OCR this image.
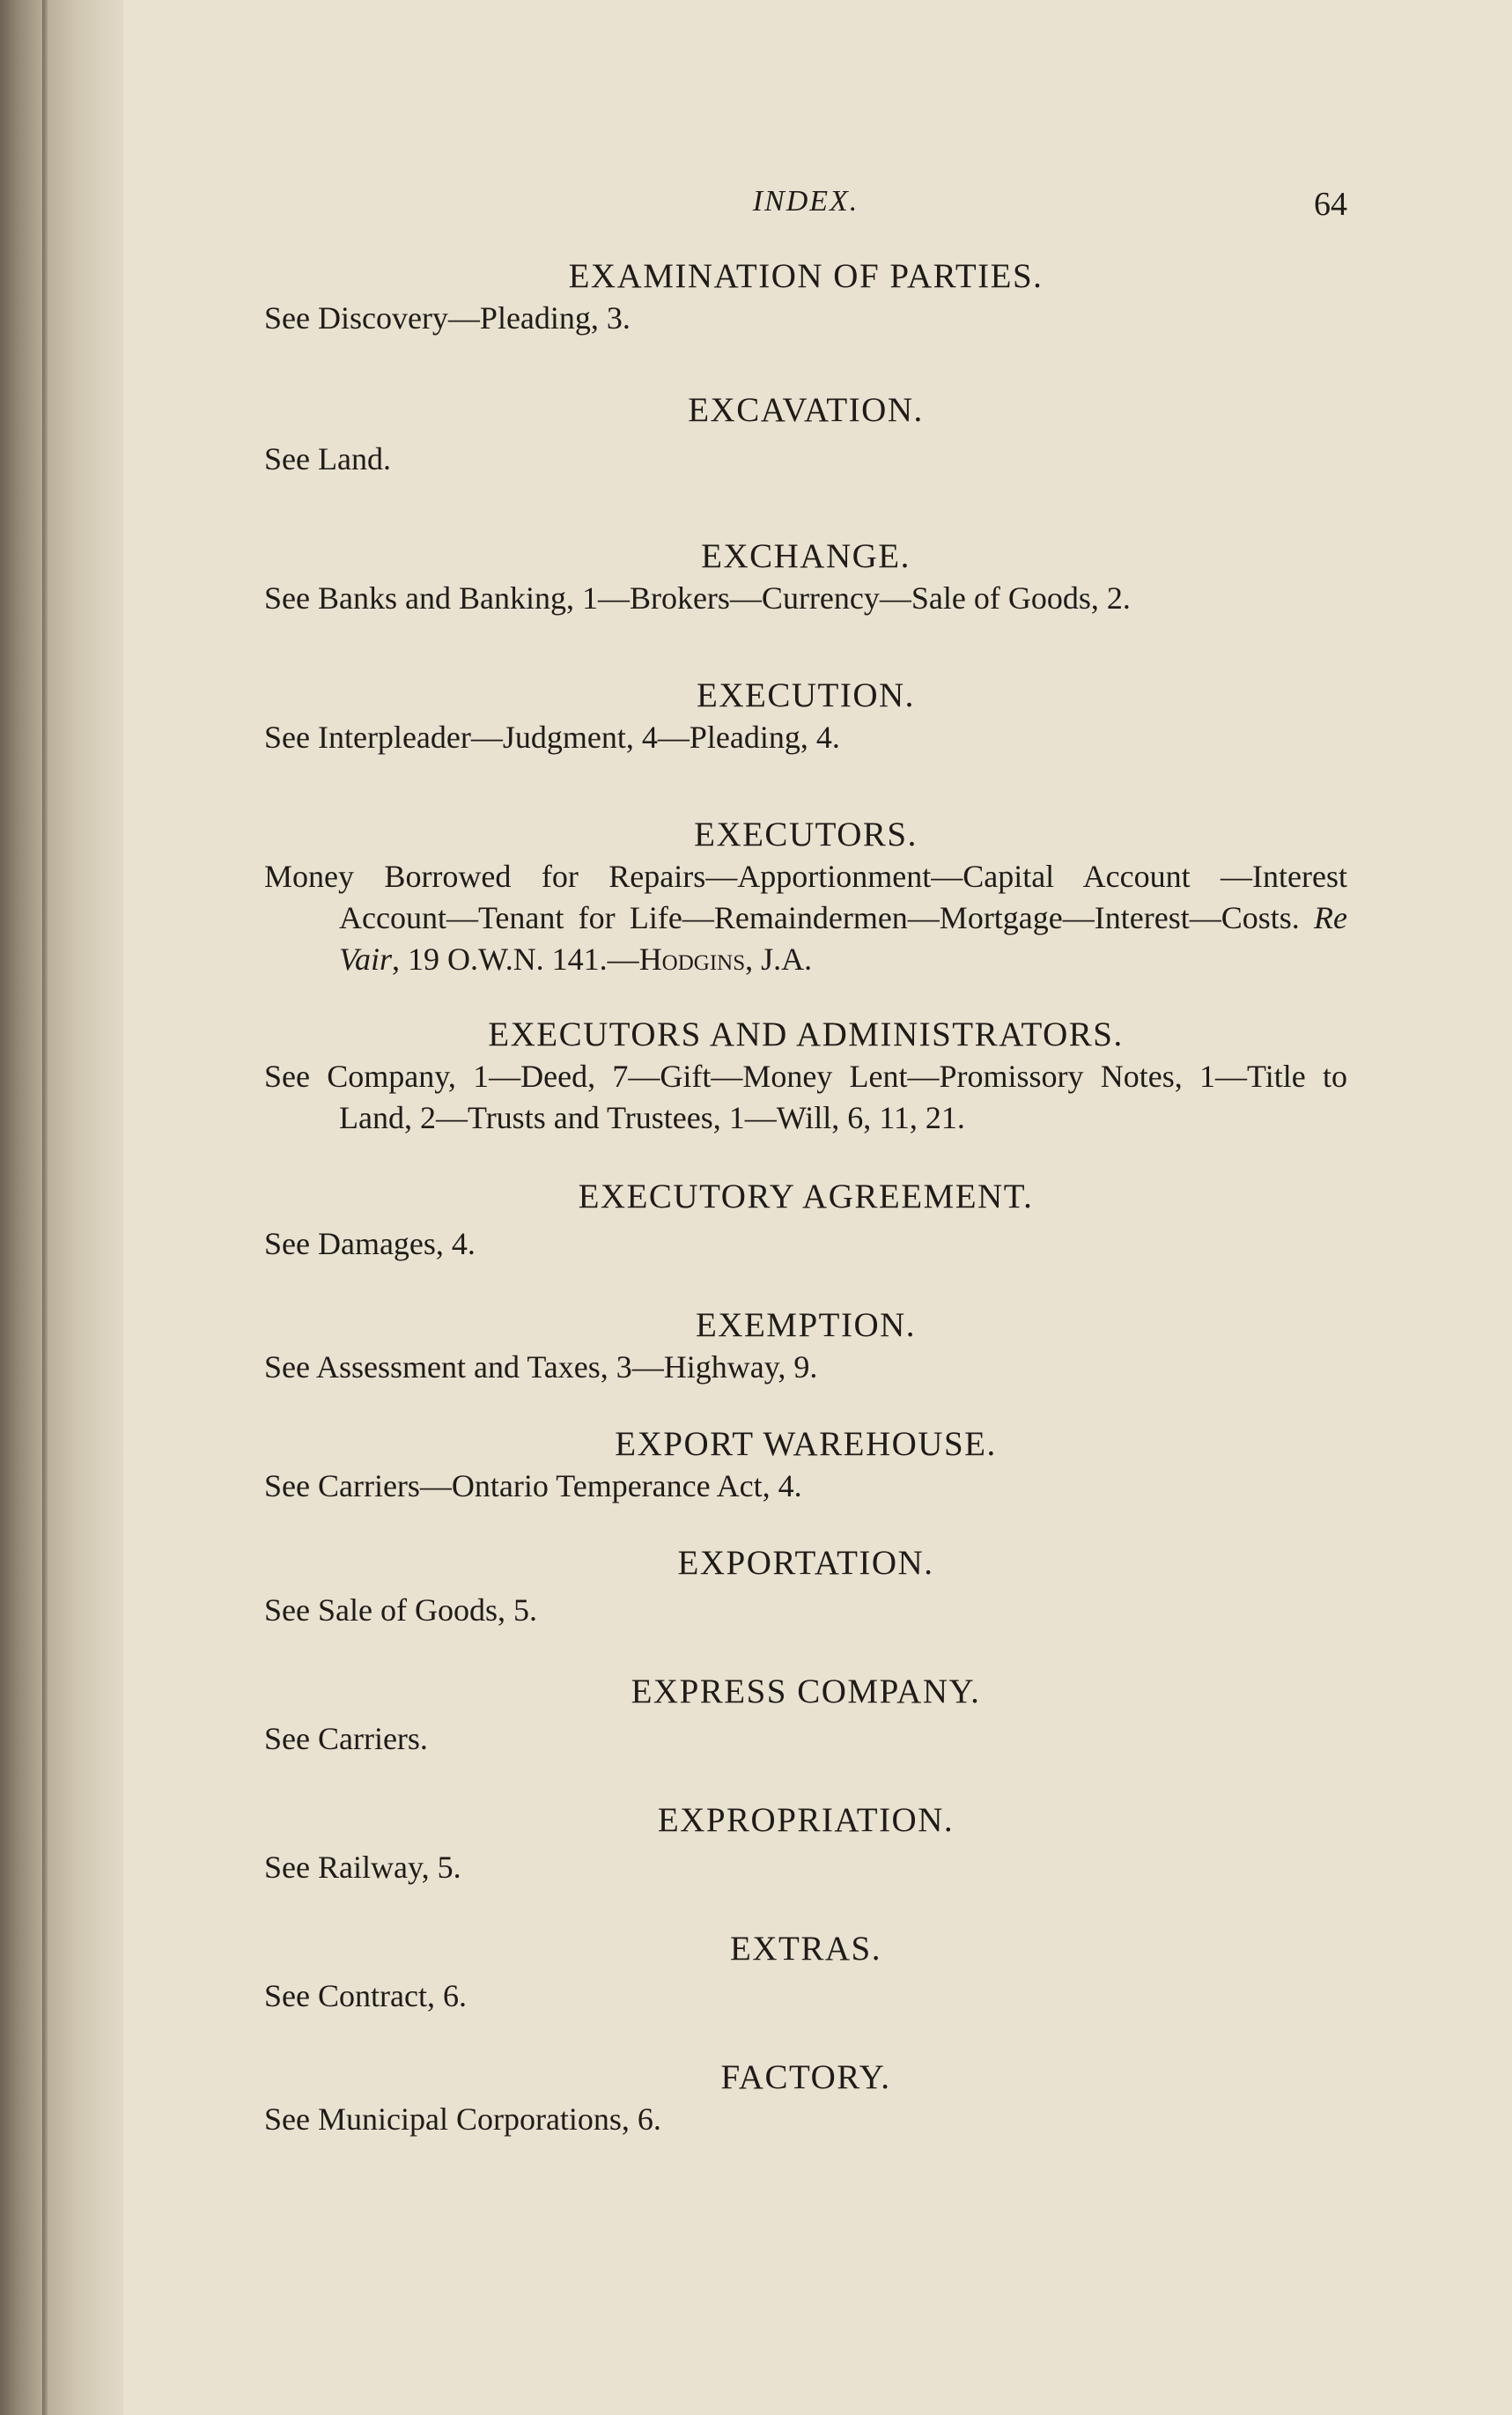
INDEX.	64

EXAMINATION OF PARTIES.

See Discovery—Pleading, 3.

EXCAVATION.

See Land.

EXCHANGE.

See Banks and Banking, 1—Brokers—Currency—Sale of Goods, 2.

EXECUTION.

See Interpleader—Judgment, 4—Pleading, 4.

EXECUTORS.

Money Borrowed for Repairs—Apportionment—Capital Account —Interest Account—Tenant for Life—Remaindermen—Mortgage—Interest—Costs. Re Vair, 19 O.W.N. 141.—Hodgins, J.A.

EXECUTORS AND ADMINISTRATORS.

See Company, 1—Deed, 7—Gift—Money Lent—Promissory Notes, 1—Title to Land, 2—Trusts and Trustees, 1—Will, 6, 11, 21.

EXECUTORY AGREEMENT.

See Damages, 4.

EXEMPTION.

See Assessment and Taxes, 3—Highway, 9.

EXPORT WAREHOUSE.

See Carriers—Ontario Temperance Act, 4.

EXPORTATION.

See Sale of Goods, 5.

EXPRESS COMPANY.

See Carriers.

EXPROPRIATION.

See Railway, 5.

EXTRAS.

See Contract, 6.

FACTORY.

See Municipal Corporations, 6.
